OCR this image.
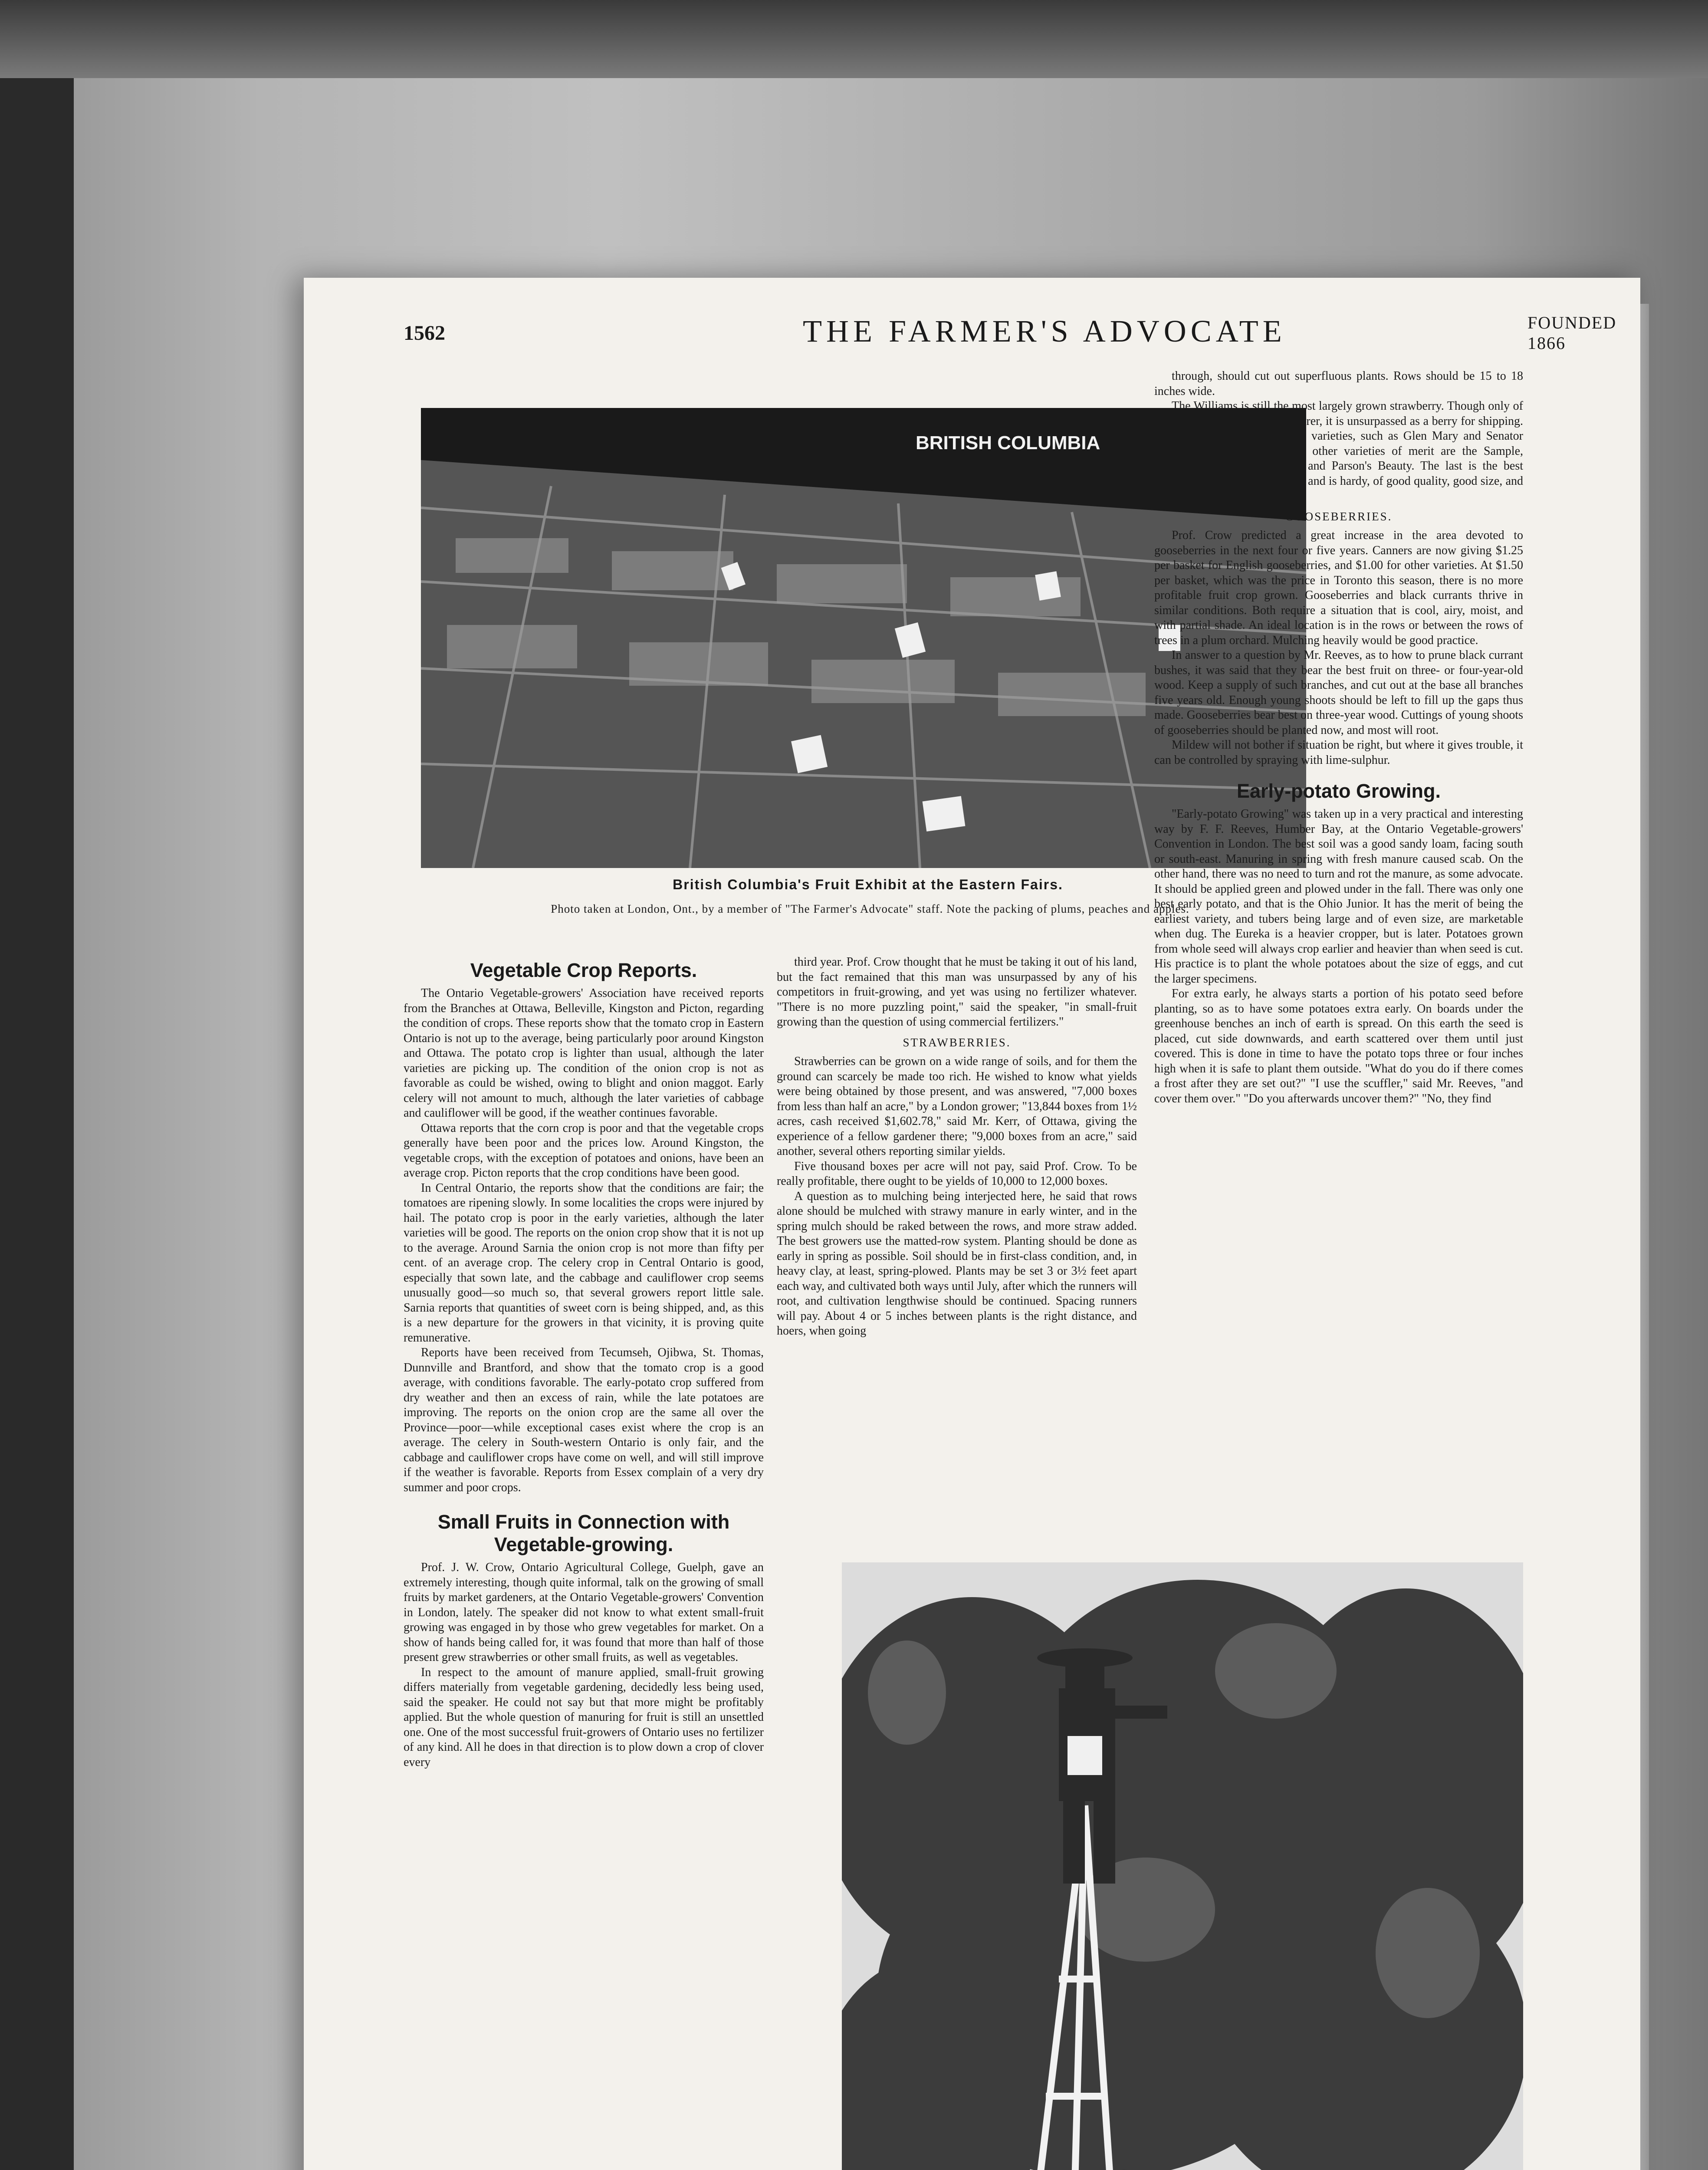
1562	THE FARMER'S ADVOCATE	FOUNDED 1866
BRITISH COLUMBIA
British Columbia's Fruit Exhibit at the Eastern Fairs.
Photo taken at London, Ont., by a member of "The Farmer's Advocate" staff. Note the packing of plums, peaches and apples.
Vegetable Crop Reports.

The Ontario Vegetable-growers' Association have received reports from the Branches at Ottawa, Belleville, Kingston and Picton, regarding the condition of crops. These reports show that the tomato crop in Eastern Ontario is not up to the average, being particularly poor around Kingston and Ottawa. The potato crop is lighter than usual, although the later varieties are picking up. The condition of the onion crop is not as favorable as could be wished, owing to blight and onion maggot. Early celery will not amount to much, although the later varieties of cabbage and cauliflower will be good, if the weather continues favorable.

Ottawa reports that the corn crop is poor and that the vegetable crops generally have been poor and the prices low. Around Kingston, the vegetable crops, with the exception of potatoes and onions, have been an average crop. Picton reports that the crop conditions have been good.

In Central Ontario, the reports show that the conditions are fair; the tomatoes are ripening slowly. In some localities the crops were injured by hail. The potato crop is poor in the early varieties, although the later varieties will be good. The reports on the onion crop show that it is not up to the average. Around Sarnia the onion crop is not more than fifty per cent. of an average crop. The celery crop in Central Ontario is good, especially that sown late, and the cabbage and cauliflower crop seems unusually good—so much so, that several growers report little sale. Sarnia reports that quantities of sweet corn is being shipped, and, as this is a new departure for the growers in that vicinity, it is proving quite remunerative.

Reports have been received from Tecumseh, Ojibwa, St. Thomas, Dunnville and Brantford, and show that the tomato crop is a good average, with conditions favorable. The early-potato crop suffered from dry weather and then an excess of rain, while the late potatoes are improving. The reports on the onion crop are the same all over the Province—poor—while exceptional cases exist where the crop is an average. The celery in South-western Ontario is only fair, and the cabbage and cauliflower crops have come on well, and will still improve if the weather is favorable. Reports from Essex complain of a very dry summer and poor crops.

Small Fruits in Connection with Vegetable-growing.

Prof. J. W. Crow, Ontario Agricultural College, Guelph, gave an extremely interesting, though quite informal, talk on the growing of small fruits by market gardeners, at the Ontario Vegetable-growers' Convention in London, lately. The speaker did not know to what extent small-fruit growing was engaged in by those who grew vegetables for market. On a show of hands being called for, it was found that more than half of those present grew strawberries or other small fruits, as well as vegetables.

In respect to the amount of manure applied, small-fruit growing differs materially from vegetable gardening, decidedly less being used, said the speaker. He could not say but that more might be profitably applied. But the whole question of manuring for fruit is still an unsettled one. One of the most successful fruit-growers of Ontario uses no fertilizer of any kind. All he does in that direction is to plow down a crop of clover every

third year. Prof. Crow thought that he must be taking it out of his land, but the fact remained that this man was unsurpassed by any of his competitors in fruit-growing, and yet was using no fertilizer whatever. "There is no more puzzling point," said the speaker, "in small-fruit growing than the question of using commercial fertilizers."

STRAWBERRIES.

Strawberries can be grown on a wide range of soils, and for them the ground can scarcely be made too rich. He wished to know what yields were being obtained by those present, and was answered, "7,000 boxes from less than half an acre," by a London grower; "13,844 boxes from 1½ acres, cash received $1,602.78," said Mr. Kerr, of Ottawa, giving the experience of a fellow gardener there; "9,000 boxes from an acre," said another, several others reporting similar yields.

Five thousand boxes per acre will not pay, said Prof. Crow. To be really profitable, there ought to be yields of 10,000 to 12,000 boxes.

A question as to mulching being interjected here, he said that rows alone should be mulched with strawy manure in early winter, and in the spring mulch should be raked between the rows, and more straw added. The best growers use the matted-row system. Planting should be done as early in spring as possible. Soil should be in first-class condition, and, in heavy clay, at least, spring-plowed. Plants may be set 3 or 3½ feet apart each way, and cultivated both ways until July, after which the runners will root, and cultivation lengthwise should be continued. Spacing runners will pay. About 4 or 5 inches between plants is the right distance, and hoers, when going

through, should cut out superfluous plants. Rows should be 15 to 18 inches wide.

The Williams is still the most largely grown strawberry. Though only of fair quality and a moderate bearer, it is unsurpassed as a berry for shipping. For a special city trade, other varieties, such as Glen Mary and Senator Dunlap, are superior. Among other varieties of merit are the Sample, Splendid, Tennessee Prolific, and Parson's Beauty. The last is the best cropper at Guelph of any tried, and is hardy, of good quality, good size, and has perfect blossoms.

GOOSEBERRIES.

Prof. Crow predicted a great increase in the area devoted to gooseberries in the next four or five years. Canners are now giving $1.25 per basket for English gooseberries, and $1.00 for other varieties. At $1.50 per basket, which was the price in Toronto this season, there is no more profitable fruit crop grown. Gooseberries and black currants thrive in similar conditions. Both require a situation that is cool, airy, moist, and with partial shade. An ideal location is in the rows or between the rows of trees in a plum orchard. Mulching heavily would be good practice.

In answer to a question by Mr. Reeves, as to how to prune black currant bushes, it was said that they bear the best fruit on three- or four-year-old wood. Keep a supply of such branches, and cut out at the base all branches five years old. Enough young shoots should be left to fill up the gaps thus made. Gooseberries bear best on three-year wood. Cuttings of young shoots of gooseberries should be planted now, and most will root.

Mildew will not bother if situation be right, but where it gives trouble, it can be controlled by spraying with lime-sulphur.

Early-potato Growing.

"Early-potato Growing" was taken up in a very practical and interesting way by F. F. Reeves, Humber Bay, at the Ontario Vegetable-growers' Convention in London. The best soil was a good sandy loam, facing south or south-east. Manuring in spring with fresh manure caused scab. On the other hand, there was no need to turn and rot the manure, as some advocate. It should be applied green and plowed under in the fall. There was only one best early potato, and that is the Ohio Junior. It has the merit of being the earliest variety, and tubers being large and of even size, are marketable when dug. The Eureka is a heavier cropper, but is later. Potatoes grown from whole seed will always crop earlier and heavier than when seed is cut. His practice is to plant the whole potatoes about the size of eggs, and cut the larger specimens.

For extra early, he always starts a portion of his potato seed before planting, so as to have some potatoes extra early. On boards under the greenhouse benches an inch of earth is spread. On this earth the seed is placed, cut side downwards, and earth scattered over them until just covered. This is done in time to have the potato tops three or four inches high when it is safe to plant them outside. "What do you do if there comes a frost after they are set out?" "I use the scuffler," said Mr. Reeves, "and cover them over." "Do you afterwards uncover them?" "No, they find
